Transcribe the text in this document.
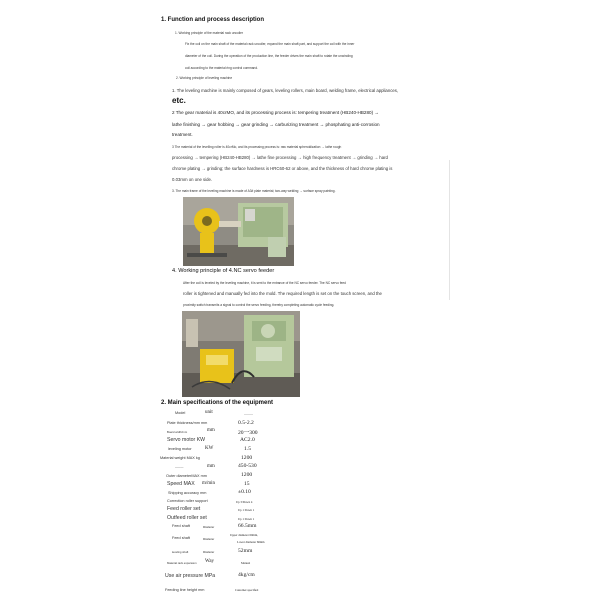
1. Function and process description
1. Working principle of the material rack uncoiler
Fix the coil on the main shaft of the material rack uncoiler, expand the main shaft part, and support the coil with the inner
diameter of the coil. During the operation of the production line, the feeder drives the main shaft to rotate the unwinding
coil according to the material ring control command.
2. Working principle of leveling machine
1. The leveling machine is mainly composed of gears, leveling rollers, main board, welding frame, electrical appliances,
etc.
2 The gear material is 40crMO, and its processing process is: tempering treatment (HB240-HB280) →
lathe finishing → gear hobbing → gear grinding → carburizing treatment → phosphating anti-corrosion
treatment.
3 The material of the levelling roller is 40crMo, and its processing process is: raw material spheroidization → lathe rough
processing → tempering (HB240-HB280) → lathe fine processing → high frequency treatment → grinding → hard
chrome plating → grinding; the surface hardness is HRC60-62 or above, and the thickness of hard chrome plating is
0.03mm on one side.
3. The main frame of the leveling machine is made of A3# plate material; two-way welding → surface spray painting.
4. Working principle of 4.NC servo feeder
After the coil is leveled by the leveling machine, it is sent to the entrance of the NC servo feeder. The NC servo feed
roller is tightened and manually fed into the mold. The required length is set on the touch screen, and the
proximity switch transmits a signal to control the servo feeding, thereby completing automatic cycle feeding.
2. Main specifications of the equipment
Model	unit	———
Plate thickness/mm mm	0.5-2.2
Board width/mm	mm	20一300
Servo motor KW	AC2.0
leveling motor	KW	1.5
Material weight MAX kg	1200
———	mm	450-530
Outer diameterMAX mm	1200
Speed MAX m/min	15
Shipping accuracy mm	±0.10
Correction roller support	Up 3/Down 4
Feed roller set	Up 1 Down 1
Outfeed roller set	Up 1 Down 1
Feed shaft	Diameter	66.5mm
Feed shaft	Diameter
Upper diameter 60mm,
Lower diameter 66mm
leveling shaft	Diameter	52mm
Material rack expansion Way	Manual
Use air pressure MPa	4kg/cm
Feeding line height mm	Customer specified
